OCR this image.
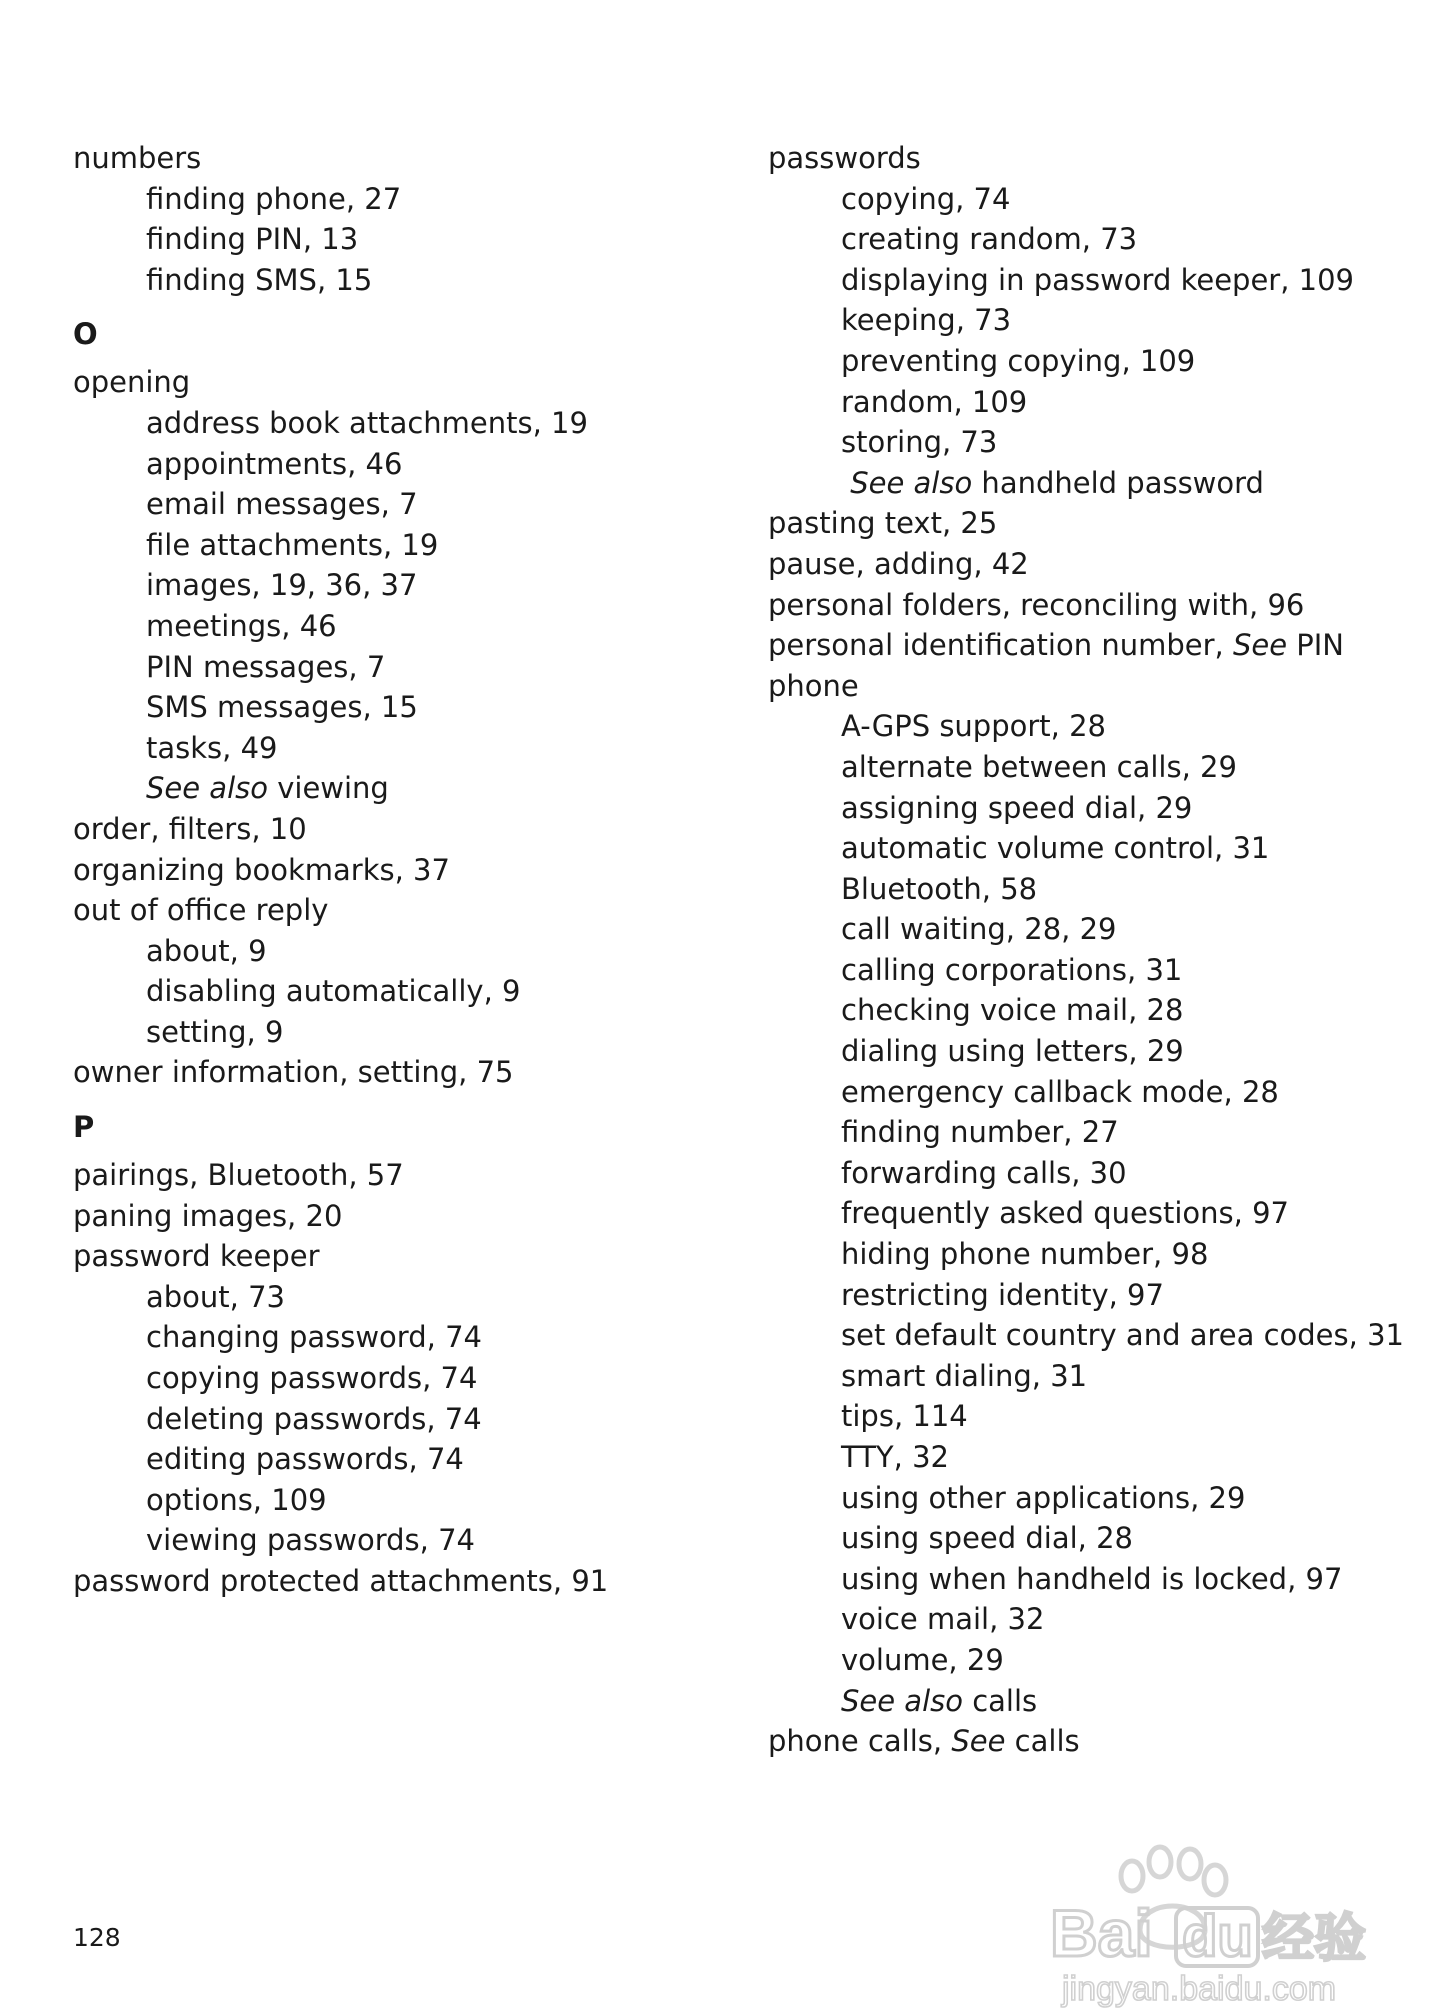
numbers
finding phone, 27
finding PIN, 13
finding SMS, 15
O
opening
address book attachments, 19
appointments, 46
email messages, 7
file attachments, 19
images, 19, 36, 37
meetings, 46
PIN messages, 7
SMS messages, 15
tasks, 49
See also viewing
order, filters, 10
organizing bookmarks, 37
out of office reply
about, 9
disabling automatically, 9
setting, 9
owner information, setting, 75
P
pairings, Bluetooth, 57
paning images, 20
password keeper
about, 73
changing password, 74
copying passwords, 74
deleting passwords, 74
editing passwords, 74
options, 109
viewing passwords, 74
password protected attachments, 91
passwords
copying, 74
creating random, 73
displaying in password keeper, 109
keeping, 73
preventing copying, 109
random, 109
storing, 73
See also handheld password
pasting text, 25
pause, adding, 42
personal folders, reconciling with, 96
personal identification number, See PIN
phone
A-GPS support, 28
alternate between calls, 29
assigning speed dial, 29
automatic volume control, 31
Bluetooth, 58
call waiting, 28, 29
calling corporations, 31
checking voice mail, 28
dialing using letters, 29
emergency callback mode, 28
finding number, 27
forwarding calls, 30
frequently asked questions, 97
hiding phone number, 98
restricting identity, 97
set default country and area codes, 31
smart dialing, 31
tips, 114
TTY, 32
using other applications, 29
using speed dial, 28
using when handheld is locked, 97
voice mail, 32
volume, 29
See also calls
phone calls, See calls
128	Bai du 经验
jingyan.baidu.com
